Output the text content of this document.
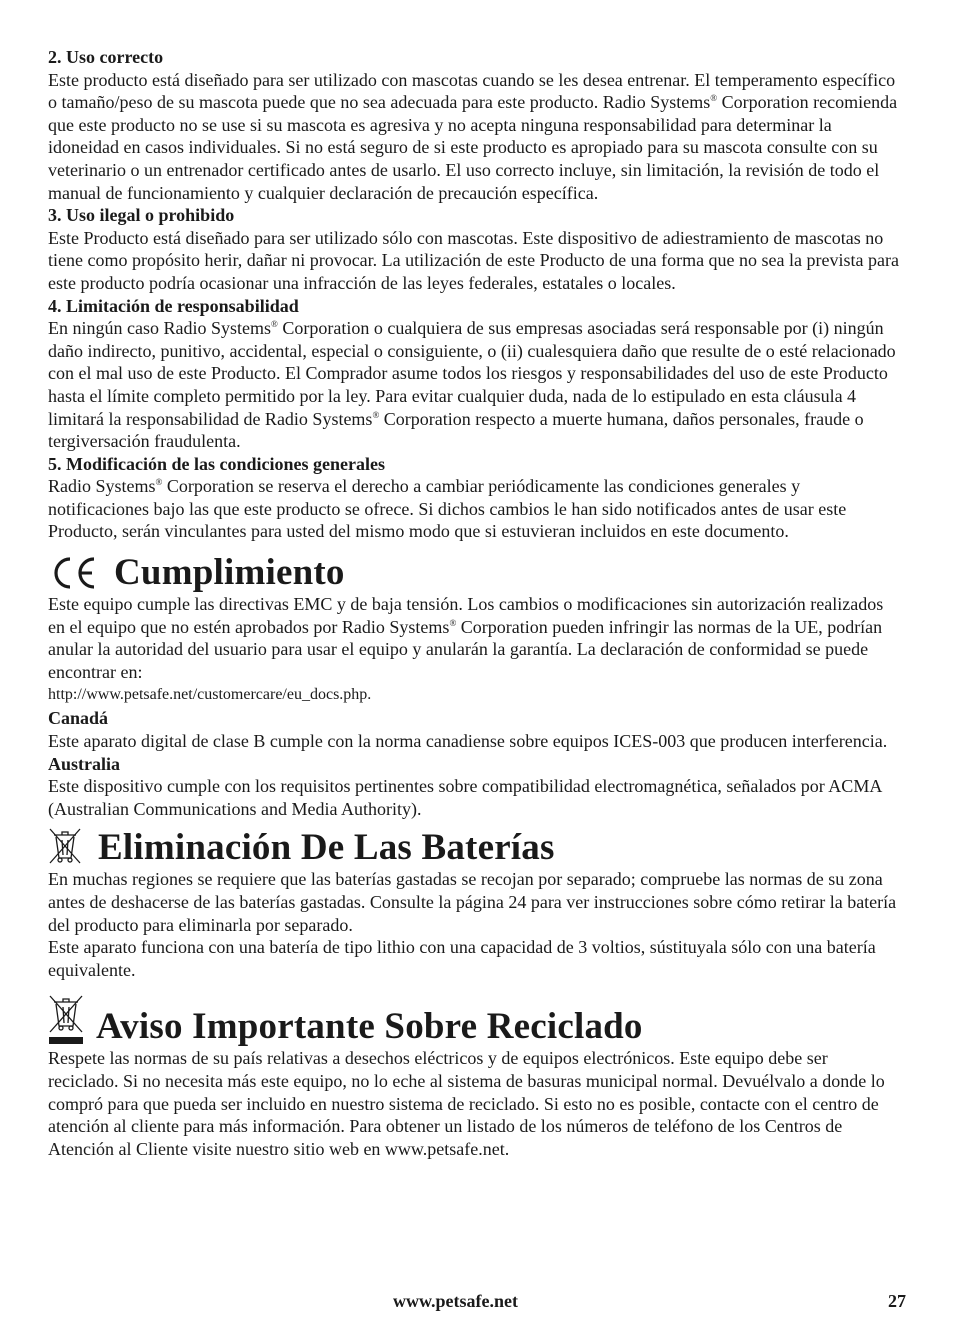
2. Uso correcto

Este producto está diseñado para ser utilizado con mascotas cuando se les desea entrenar. El temperamento específico o tamaño/peso de su mascota puede que no sea adecuada para este producto. Radio Systems® Corporation recomienda que este producto no se use si su mascota es agresiva y no acepta ninguna responsabilidad para determinar la idoneidad en casos individuales. Si no está seguro de si este producto es apropiado para su mascota consulte con su veterinario o un entrenador certificado antes de usarlo. El uso correcto incluye, sin limitación, la revisión de todo el manual de funcionamiento y cualquier declaración de precaución específica.

3. Uso ilegal o prohibido

Este Producto está diseñado para ser utilizado sólo con mascotas. Este dispositivo de adiestramiento de mascotas no tiene como propósito herir, dañar ni provocar. La utilización de este Producto de una forma que no sea la prevista para este producto podría ocasionar una infracción de las leyes federales, estatales o locales.

4. Limitación de responsabilidad

En ningún caso Radio Systems® Corporation o cualquiera de sus empresas asociadas será responsable por (i) ningún daño indirecto, punitivo, accidental, especial o consiguiente, o (ii) cualesquiera daño que resulte de o esté relacionado con el mal uso de este Producto. El Comprador asume todos los riesgos y responsabilidades del uso de este Producto hasta el límite completo permitido por la ley. Para evitar cualquier duda, nada de lo estipulado en esta cláusula 4 limitará la responsabilidad de Radio Systems® Corporation respecto a muerte humana, daños personales, fraude o tergiversación fraudulenta.

5. Modificación de las condiciones generales

Radio Systems® Corporation se reserva el derecho a cambiar periódicamente las condiciones generales y notificaciones bajo las que este producto se ofrece. Si dichos cambios le han sido notificados antes de usar este Producto, serán vinculantes para usted del mismo modo que si estuvieran incluidos en este documento.

Cumplimiento

Este equipo cumple las directivas EMC y de baja tensión. Los cambios o modificaciones sin autorización realizados en el equipo que no estén aprobados por Radio Systems® Corporation pueden infringir las normas de la UE, podrían anular la autoridad del usuario para usar el equipo y anularán la garantía. La declaración de conformidad se puede encontrar en:

http://www.petsafe.net/customercare/eu_docs.php.
Canadá

Este aparato digital de clase B cumple con la norma canadiense sobre equipos ICES-003 que producen interferencia.

Australia

Este dispositivo cumple con los requisitos pertinentes sobre compatibilidad electromagnética, señalados por ACMA (Australian Communications and Media Authority).

Eliminación De Las Baterías

En muchas regiones se requiere que las baterías gastadas se recojan por separado; compruebe las normas de su zona antes de deshacerse de las baterías gastadas. Consulte la página 24 para ver instrucciones sobre cómo retirar la batería del producto para eliminarla por separado.

Este aparato funciona con una batería de tipo lithio con una capacidad de 3 voltios, sústituyala sólo con una batería equivalente.

Aviso Importante Sobre Reciclado

Respete las normas de su país relativas a desechos eléctricos y de equipos electrónicos. Este equipo debe ser reciclado. Si no necesita más este equipo, no lo eche al sistema de basuras municipal normal. Devuélvalo a donde lo compró para que pueda ser incluido en nuestro sistema de reciclado. Si esto no es posible, contacte con el centro de atención al cliente para más información. Para obtener un listado de los números de teléfono de los Centros de Atención al Cliente visite nuestro sitio web en www.petsafe.net.

www.petsafe.net	27
